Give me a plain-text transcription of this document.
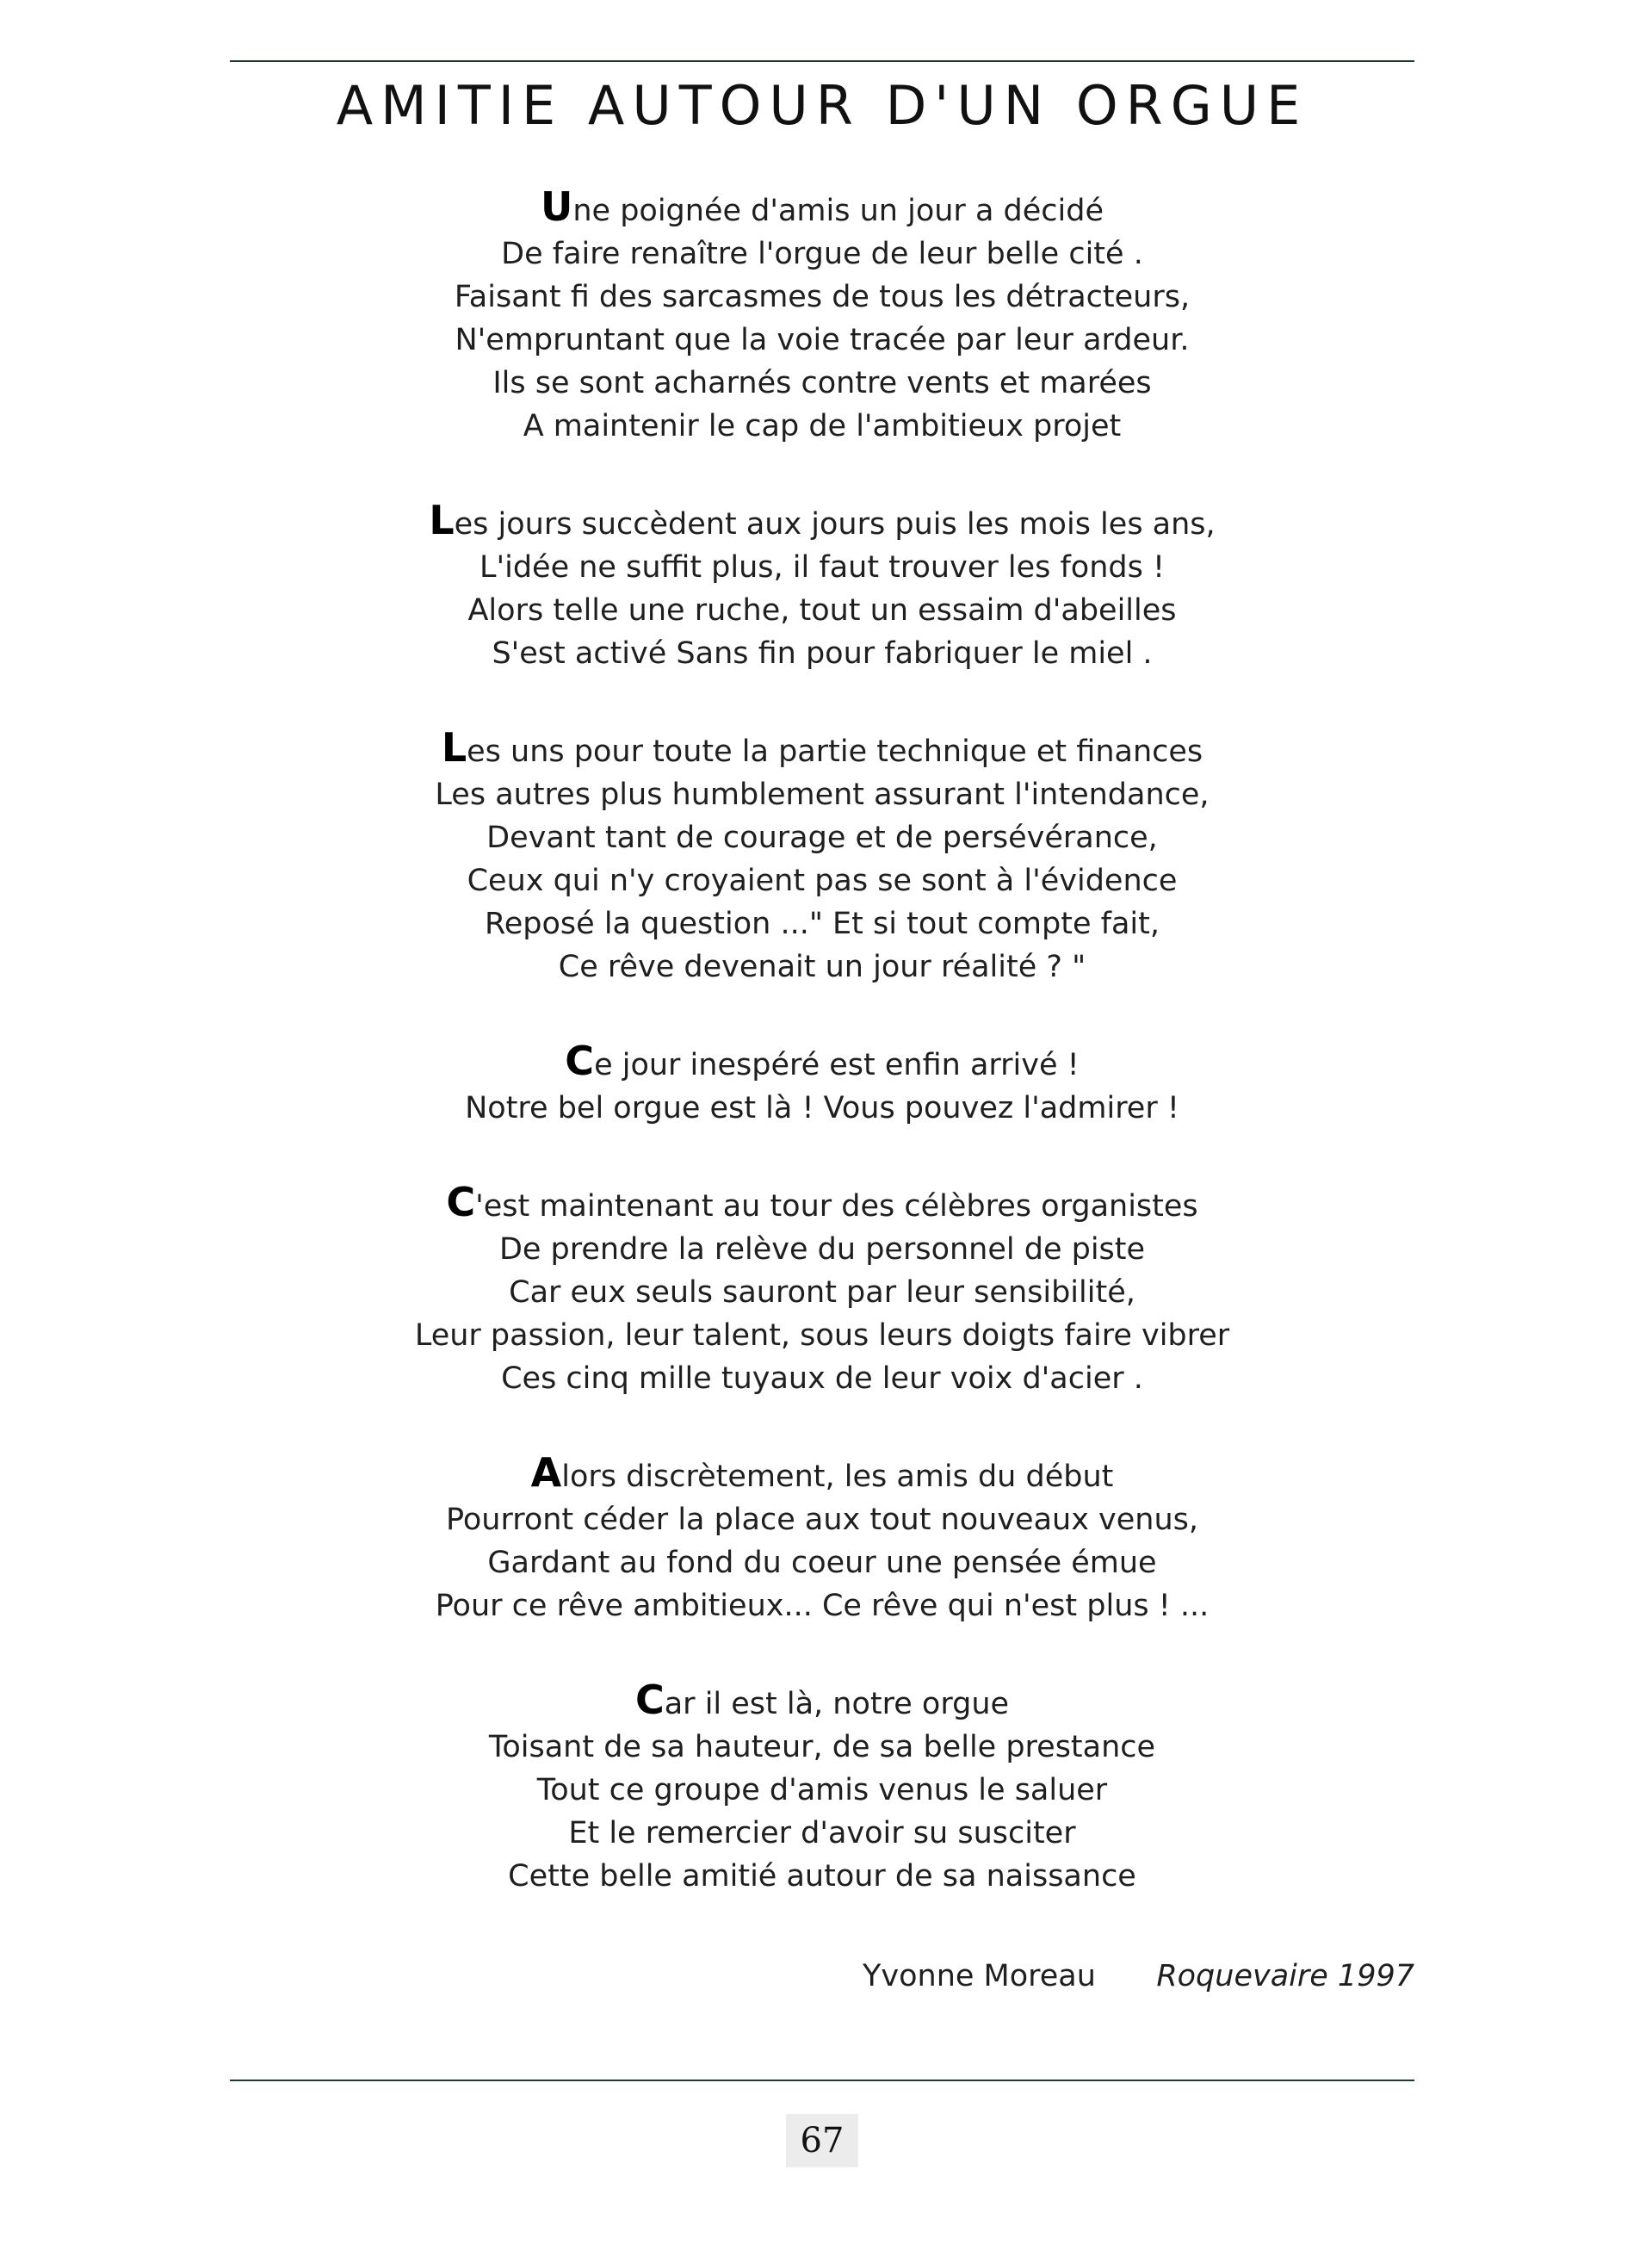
AMITIE AUTOUR D'UN ORGUE
Une poignée d'amis un jour a décidé
De faire renaître l'orgue de leur belle cité .
Faisant fi des sarcasmes de tous les détracteurs,
N'empruntant que la voie tracée par leur ardeur.
Ils se sont acharnés contre vents et marées
A maintenir le cap de l'ambitieux projet
Les jours succèdent aux jours puis les mois les ans,
L'idée ne suffit plus, il faut trouver les fonds !
Alors telle une ruche, tout un essaim d'abeilles
S'est activé Sans fin pour fabriquer le miel .
Les uns pour toute la partie technique et finances
Les autres plus humblement assurant l'intendance,
Devant tant de courage et de persévérance,
Ceux qui n'y croyaient pas se sont à l'évidence
Reposé la question ..." Et si tout compte fait,
Ce rêve devenait un jour réalité ? "
Ce jour inespéré est enfin arrivé !
Notre bel orgue est là ! Vous pouvez l'admirer !
C'est maintenant au tour des célèbres organistes
De prendre la relève du personnel de piste
Car eux seuls sauront par leur sensibilité,
Leur passion, leur talent, sous leurs doigts faire vibrer
Ces cinq mille tuyaux de leur voix d'acier .
Alors discrètement, les amis du début
Pourront céder la place aux tout nouveaux venus,
Gardant au fond du coeur une pensée émue
Pour ce rêve ambitieux... Ce rêve qui n'est plus ! ...
Car il est là, notre orgue
Toisant de sa hauteur, de sa belle prestance
Tout ce groupe d'amis venus le saluer
Et le remercier d'avoir su susciter
Cette belle amitié autour de sa naissance
Yvonne Moreau Roquevaire 1997
67
